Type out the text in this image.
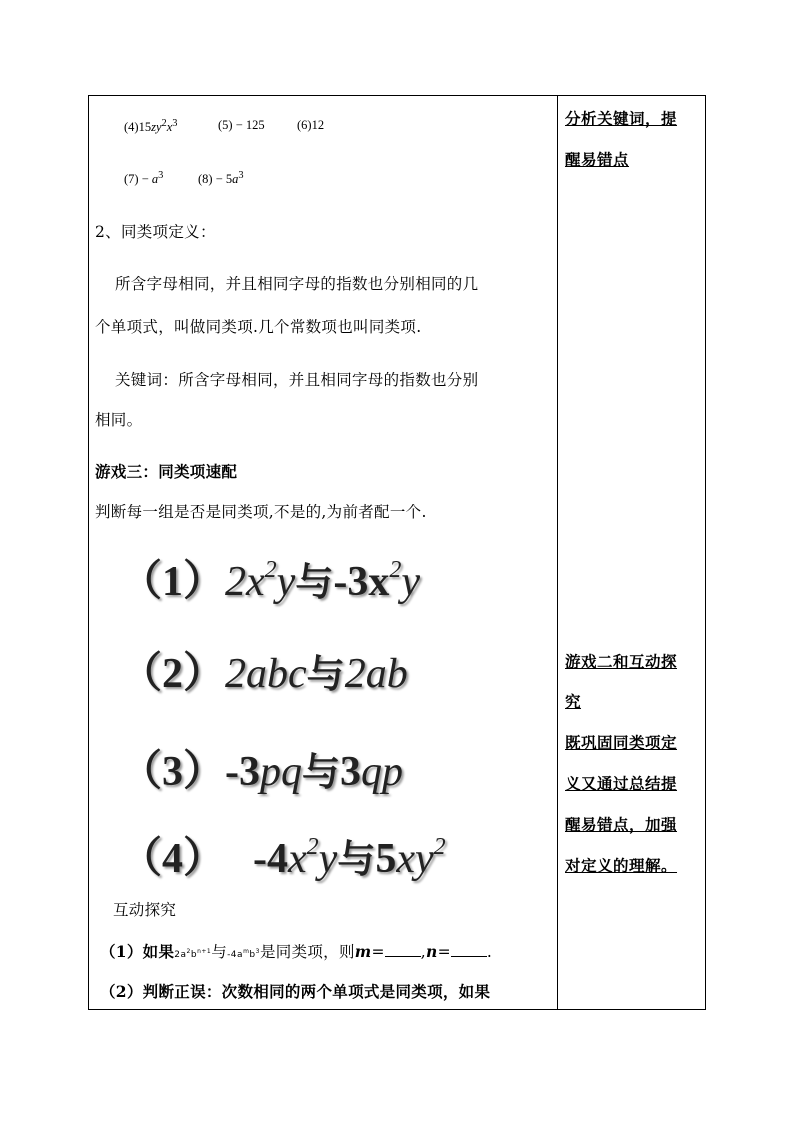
$(4)15zy^2x^3$	(5) − 125	(6)12
$(7) - a^3$	$(8) - 5a^3$
2、同类项定义：
所含字母相同，并且相同字母的指数也分别相同的几
个单项式，叫做同类项.几个常数项也叫同类项.
关键词：所含字母相同，并且相同字母的指数也分别
相同。
游戏三：同类项速配
判断每一组是否是同类项,不是的,为前者配一个.
$(1)2x^2y$与$-3x^2y$
（2）2abc与2ab
（3）-3pq与3qp
（4） $-4x^2y$与$5xy^2$
互动探究
（1）如果$2a^2b^{n+1}$与$-4a^mb^3$是同类项，则m= ,n= .
（2）判断正误：次数相同的两个单项式是同类项，如果
分析关键词，提
醒易错点
游戏二和互动探
究
既巩固同类项定
义又通过总结提
醒易错点，加强
对定义的理解。
